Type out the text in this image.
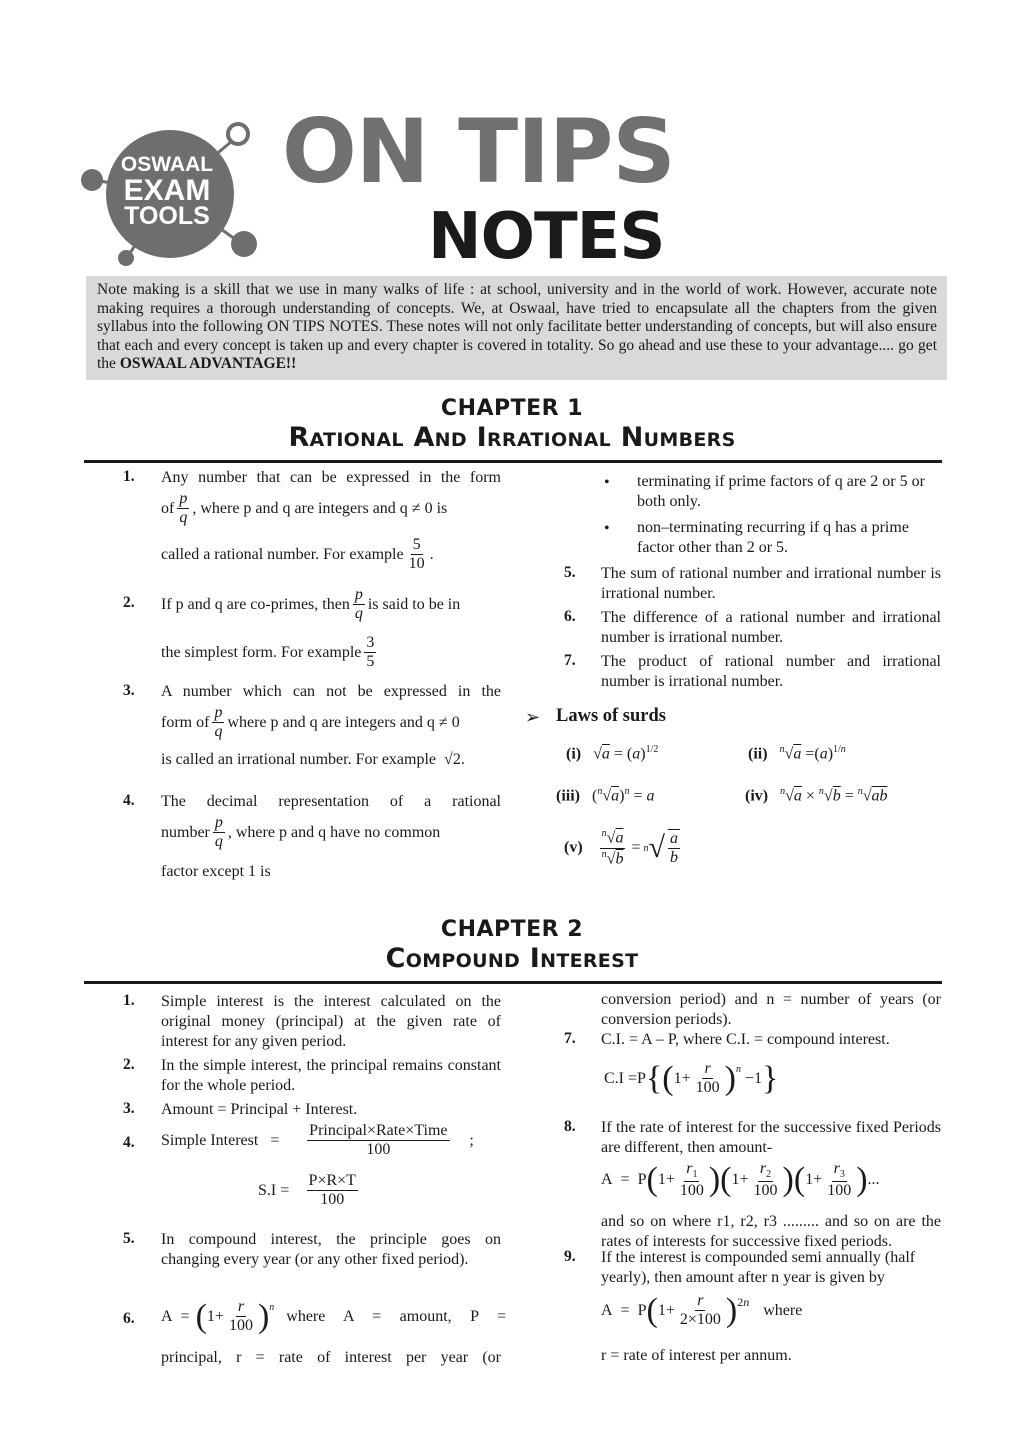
OSWAAL
EXAM
TOOLS
ON TIPS
NOTES
Note making is a skill that we use in many walks of life : at school, university and in the world of work. However, accurate note making requires a thorough understanding of concepts. We, at Oswaal, have tried to encapsulate all the chapters from the given syllabus into the following ON TIPS NOTES. These notes will not only facilitate better understanding of concepts, but will also ensure that each and every concept is taken up and every chapter is covered in totality. So go ahead and use these to your advantage.... go get the OSWAAL ADVANTAGE!!
CHAPTER 1
Rational And Irrational Numbers
1. Any number that can be expressed in the form
of $\frac{p}{q}$ , where p and q are integers and q ≠ 0 is
called a rational number. For example $\frac{5}{10}$ .
2. If p and q are co-primes, then $\frac{p}{q}$ is said to be in
the simplest form. For example $\frac{3}{5}$
3. A number which can not be expressed in the
form of $\frac{p}{q}$ where p and q are integers and q ≠ 0
is called an irrational number. For example √2.
4. The decimal representation of a rational
number $\frac{p}{q}$ , where p and q have no common
factor except 1 is
• terminating if prime factors of q are 2 or 5 or both only.
• non–terminating recurring if q has a prime factor other than 2 or 5.
5. The sum of rational number and irrational number is irrational number.
6. The difference of a rational number and irrational number is irrational number.
7. The product of rational number and irrational number is irrational number.
➢ Laws of surds
(i)   $√a = (a)^{1/2}$	(ii) $^n√a =(a)^{1/n}$
(iii)   $(^n√a)^n = a$	(iv) $^n$√a × $^n$√b = $^n$√ab
$(v) \frac{^n√a}{^n√b} = n$ √ $\frac{a}{b}$
CHAPTER 2
Compound Interest
1. Simple interest is the interest calculated on the original money (principal) at the given rate of interest for any given period.
2. In the simple interest, the principal remains constant for the whole period.
3. Amount = Principal + Interest.
4. Simple Interest = $\frac{\text{Principal×Rate×Time}}{100}$ ;
$S.I = \frac{P\times R\times T}{100}$
5. In compound interest, the principle goes on changing every year (or any other fixed period).
6. A  = ( $1+ \frac{r}{100}$ ) $^n$
where A = amount, P =
principal, r = rate of interest per year (or
conversion period) and n = number of years (or conversion periods).
7. C.I. = A – P, where C.I. = compound interest.
C.I =P { ( $1+ \frac{r}{100}$ ) $^n$
−1 }
8. If the rate of interest for the successive fixed Periods are different, then amount-
A  =  P ( $1+ \frac{r_1}{100}$ ) ( $1+ \frac{r_2}{100}$ ) ( $1+ \frac{r_3}{100}$ ) ...
and so on where r1, r2, r3 ......... and so on are the rates of interests for successive fixed periods.
9. If the interest is compounded semi annually (half yearly), then amount after n year is given by
A  =  P ( $1+ \frac{r}{2\times 100} )^{2n}$ where
r = rate of interest per annum.
